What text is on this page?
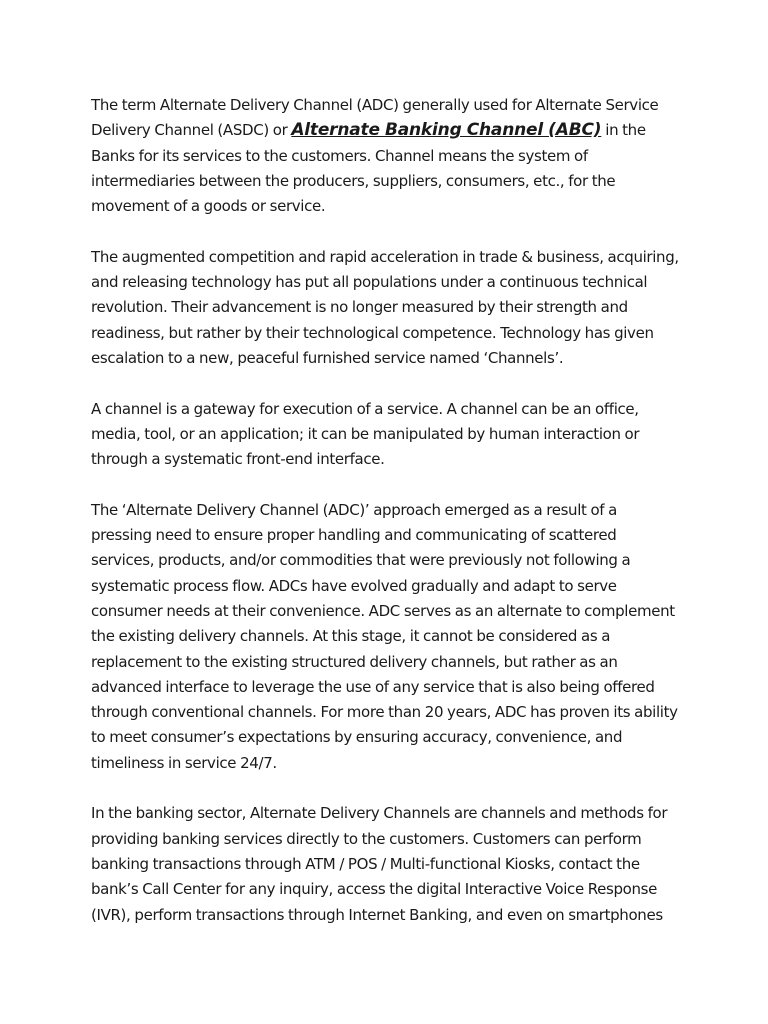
The term Alternate Delivery Channel (ADC) generally used for Alternate Service Delivery Channel (ASDC) or Alternate Banking Channel (ABC) in the Banks for its services to the customers. Channel means the system of intermediaries between the producers, suppliers, consumers, etc., for the movement of a goods or service.

The augmented competition and rapid acceleration in trade & business, acquiring, and releasing technology has put all populations under a continuous technical revolution. Their advancement is no longer measured by their strength and readiness, but rather by their technological competence. Technology has given escalation to a new, peaceful furnished service named ‘Channels’.

A channel is a gateway for execution of a service. A channel can be an office, media, tool, or an application; it can be manipulated by human interaction or through a systematic front-end interface.

The ‘Alternate Delivery Channel (ADC)’ approach emerged as a result of a pressing need to ensure proper handling and communicating of scattered services, products, and/or commodities that were previously not following a systematic process flow. ADCs have evolved gradually and adapt to serve consumer needs at their convenience. ADC serves as an alternate to complement the existing delivery channels. At this stage, it cannot be considered as a replacement to the existing structured delivery channels, but rather as an advanced interface to leverage the use of any service that is also being offered through conventional channels. For more than 20 years, ADC has proven its ability to meet consumer’s expectations by ensuring accuracy, convenience, and timeliness in service 24/7.

In the banking sector, Alternate Delivery Channels are channels and methods for providing banking services directly to the customers. Customers can perform banking transactions through ATM / POS / Multi-functional Kiosks, contact the bank’s Call Center for any inquiry, access the digital Interactive Voice Response (IVR), perform transactions through Internet Banking, and even on smartphones
